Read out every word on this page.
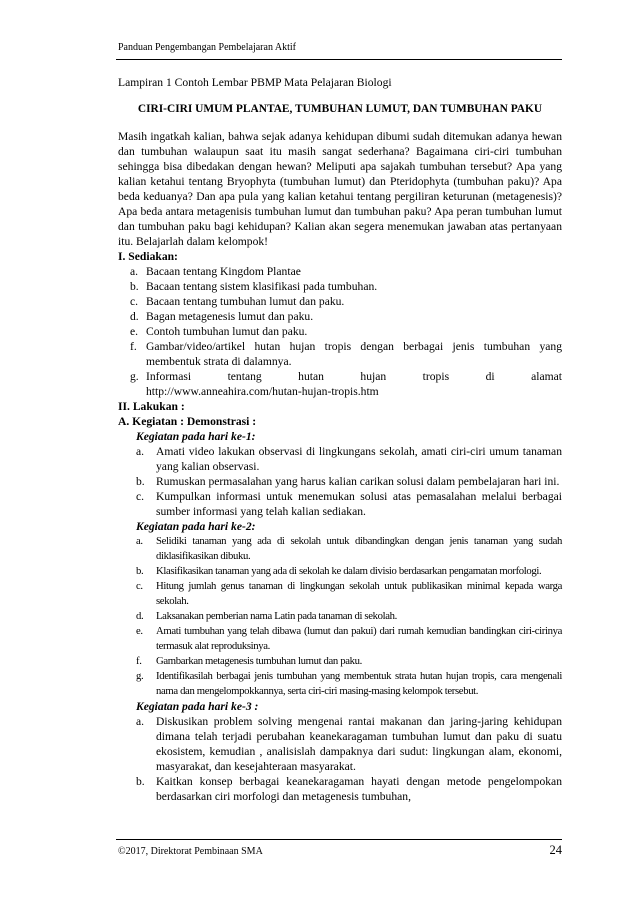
Panduan Pengembangan Pembelajaran Aktif

Lampiran 1 Contoh Lembar PBMP Mata Pelajaran Biologi

CIRI-CIRI UMUM PLANTAE, TUMBUHAN LUMUT, DAN TUMBUHAN PAKU

Masih ingatkah kalian, bahwa sejak adanya kehidupan dibumi sudah ditemukan adanya hewan dan tumbuhan walaupun saat itu masih sangat sederhana? Bagaimana ciri-ciri tumbuhan sehingga bisa dibedakan dengan hewan? Meliputi apa sajakah tumbuhan tersebut? Apa yang kalian ketahui tentang Bryophyta (tumbuhan lumut) dan Pteridophyta (tumbuhan paku)? Apa beda keduanya? Dan apa pula yang kalian ketahui tentang pergiliran keturunan (metagenesis)? Apa beda antara metagenisis tumbuhan lumut dan tumbuhan paku? Apa peran tumbuhan lumut dan tumbuhan paku bagi kehidupan? Kalian akan segera menemukan jawaban atas pertanyaan itu. Belajarlah dalam kelompok!

I. Sediakan:

a. Bacaan tentang Kingdom Plantae
b. Bacaan tentang sistem klasifikasi pada tumbuhan.
c. Bacaan tentang tumbuhan lumut dan paku.
d. Bagan metagenesis lumut dan paku.
e. Contoh tumbuhan lumut dan paku.
f. Gambar/video/artikel hutan hujan tropis dengan berbagai jenis tumbuhan yang membentuk strata di dalamnya.
g. Informasi	tentang	hutan	hujan	tropis	di	alamat
http://www.anneahira.com/hutan-hujan-tropis.htm

II. Lakukan :

A. Kegiatan : Demonstrasi :

Kegiatan pada hari ke-1:

a. Amati video lakukan observasi di lingkungans sekolah, amati ciri-ciri umum tanaman yang kalian observasi.
b. Rumuskan permasalahan yang harus kalian carikan solusi dalam pembelajaran hari ini.
c. Kumpulkan informasi untuk menemukan solusi atas pemasalahan melalui berbagai sumber informasi yang telah kalian sediakan.

Kegiatan pada hari ke-2:

a. Selidiki tanaman yang ada di sekolah untuk dibandingkan dengan jenis tanaman yang sudah diklasifikasikan dibuku.
b. Klasifikasikan tanaman yang ada di sekolah ke dalam divisio berdasarkan pengamatan morfologi.
c. Hitung jumlah genus tanaman di lingkungan sekolah untuk publikasikan minimal kepada warga sekolah.
d. Laksanakan pemberian nama Latin pada tanaman di sekolah.
e. Amati tumbuhan yang telah dibawa (lumut dan pakui) dari rumah kemudian bandingkan ciri-cirinya termasuk alat reproduksinya.
f. Gambarkan metagenesis tumbuhan lumut dan paku.
g. Identifikasilah berbagai jenis tumbuhan yang membentuk strata hutan hujan tropis, cara mengenali nama dan mengelompokkannya, serta ciri-ciri masing-masing kelompok tersebut.

Kegiatan pada hari ke-3 :

a. Diskusikan problem solving mengenai rantai makanan dan jaring-jaring kehidupan dimana telah terjadi perubahan keanekaragaman tumbuhan lumut dan paku di suatu ekosistem, kemudian , analisislah dampaknya dari sudut: lingkungan alam, ekonomi, masyarakat, dan kesejahteraan masyarakat.
b. Kaitkan konsep berbagai keanekaragaman hayati dengan metode pengelompokan berdasarkan ciri morfologi dan metagenesis tumbuhan,
©2017, Direktorat Pembinaan SMA	24
